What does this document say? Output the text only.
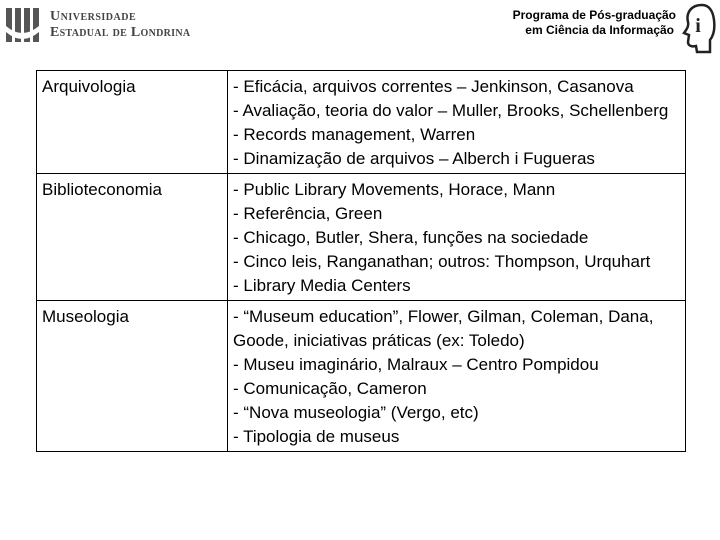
Universidade
Estadual de Londrina
Programa de Pós-graduação
em Ciência da Informação i
Arquivologia	- Eficácia, arquivos correntes – Jenkinson, Casanova
- Avaliação, teoria do valor – Muller, Brooks, Schellenberg
- Records management, Warren
- Dinamização de arquivos – Alberch i Fugueras

Biblioteconomia	- Public Library Movements, Horace, Mann
- Referência, Green
- Chicago, Butler, Shera, funções na sociedade
- Cinco leis, Ranganathan; outros: Thompson, Urquhart
- Library Media Centers

Museologia	- “Museum education”, Flower, Gilman, Coleman, Dana, Goode, iniciativas práticas (ex: Toledo)
- Museu imaginário, Malraux – Centro Pompidou
- Comunicação, Cameron
- “Nova museologia” (Vergo, etc)
- Tipologia de museus
